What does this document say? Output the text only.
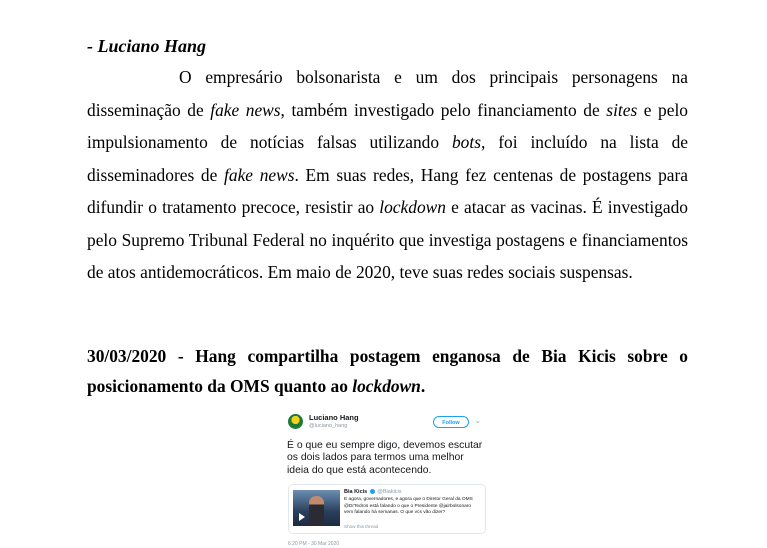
- Luciano Hang

O empresário bolsonarista e um dos principais personagens na disseminação de fake news, também investigado pelo financiamento de sites e pelo impulsionamento de notícias falsas utilizando bots, foi incluído na lista de disseminadores de fake news. Em suas redes, Hang fez centenas de postagens para difundir o tratamento precoce, resistir ao lockdown e atacar as vacinas. É investigado pelo Supremo Tribunal Federal no inquérito que investiga postagens e financiamentos de atos antidemocráticos. Em maio de 2020, teve suas redes sociais suspensas.

30/03/2020 - Hang compartilha postagem enganosa de Bia Kicis sobre o posicionamento da OMS quanto ao lockdown.

Luciano Hang
@luciano_hang	Follow	⌄

É o que eu sempre digo, devemos escutar os dois lados para termos uma melhor ideia do que está acontecendo.

Bia Kicis @Biakicis

E agora, governadores, e agora que o Diretor Geral da OMS @DrTedros está falando o que o Presidente @jairbolsonaro vem falando há semanas. O que vcs vão dizer?

Show this thread
6:20 PM - 30 Mar 2020
